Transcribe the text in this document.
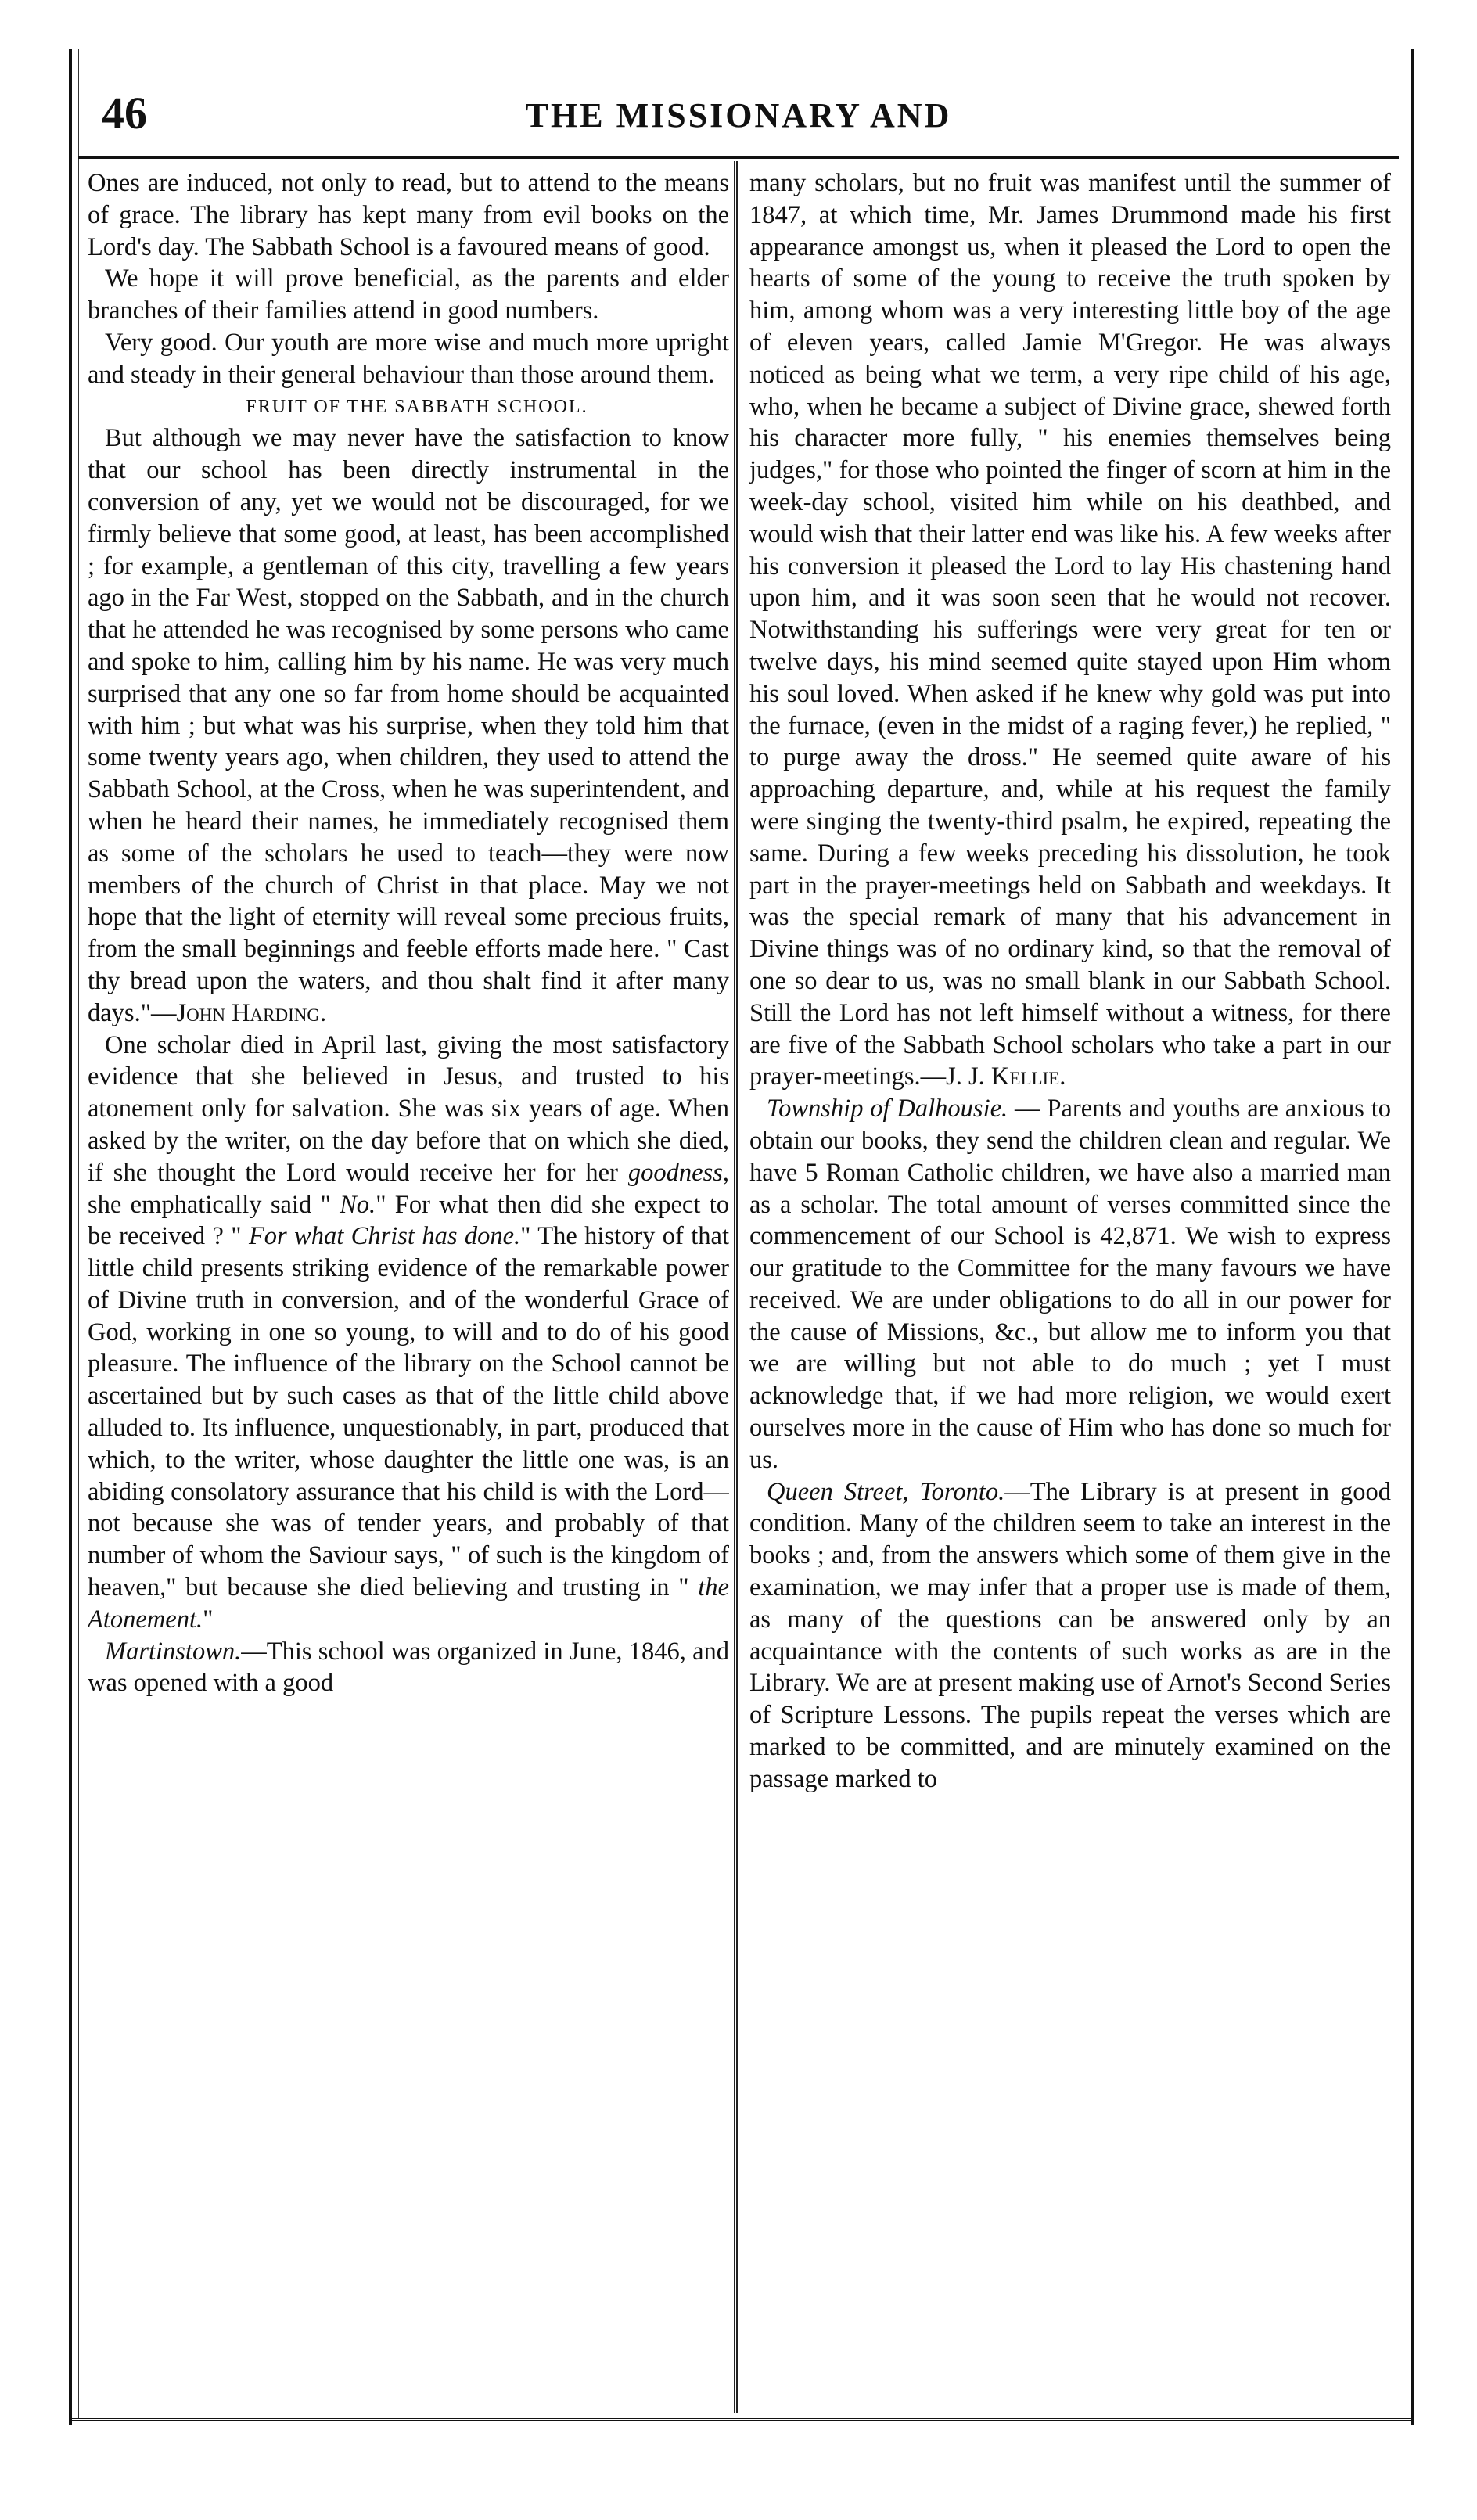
46	THE MISSIONARY AND

Ones are induced, not only to read, but to attend to the means of grace. The library has kept many from evil books on the Lord's day. The Sabbath School is a favoured means of good.

We hope it will prove beneficial, as the parents and elder branches of their families attend in good numbers.

Very good. Our youth are more wise and much more upright and steady in their general behaviour than those around them.

FRUIT OF THE SABBATH SCHOOL.

But although we may never have the satisfaction to know that our school has been directly instrumental in the conversion of any, yet we would not be discouraged, for we firmly believe that some good, at least, has been accomplished ; for example, a gentleman of this city, travelling a few years ago in the Far West, stopped on the Sabbath, and in the church that he attended he was recognised by some persons who came and spoke to him, calling him by his name. He was very much surprised that any one so far from home should be acquainted with him ; but what was his surprise, when they told him that some twenty years ago, when children, they used to attend the Sabbath School, at the Cross, when he was superintendent, and when he heard their names, he immediately recognised them as some of the scholars he used to teach—they were now members of the church of Christ in that place. May we not hope that the light of eternity will reveal some precious fruits, from the small beginnings and feeble efforts made here. " Cast thy bread upon the waters, and thou shalt find it after many days."—John Harding.

One scholar died in April last, giving the most satisfactory evidence that she believed in Jesus, and trusted to his atonement only for salvation. She was six years of age. When asked by the writer, on the day before that on which she died, if she thought the Lord would receive her for her goodness, she emphatically said " No." For what then did she expect to be received ? " For what Christ has done." The history of that little child presents striking evidence of the remarkable power of Divine truth in conversion, and of the wonderful Grace of God, working in one so young, to will and to do of his good pleasure. The influence of the library on the School cannot be ascertained but by such cases as that of the little child above alluded to. Its influence, unquestionably, in part, produced that which, to the writer, whose daughter the little one was, is an abiding consolatory assurance that his child is with the Lord—not because she was of tender years, and probably of that number of whom the Saviour says, " of such is the kingdom of heaven," but because she died believing and trusting in " the Atonement."

Martinstown.—This school was organized in June, 1846, and was opened with a good

many scholars, but no fruit was manifest until the summer of 1847, at which time, Mr. James Drummond made his first appearance amongst us, when it pleased the Lord to open the hearts of some of the young to receive the truth spoken by him, among whom was a very interesting little boy of the age of eleven years, called Jamie M'Gregor. He was always noticed as being what we term, a very ripe child of his age, who, when he became a subject of Divine grace, shewed forth his character more fully, " his enemies themselves being judges," for those who pointed the finger of scorn at him in the week-day school, visited him while on his deathbed, and would wish that their latter end was like his. A few weeks after his conversion it pleased the Lord to lay His chastening hand upon him, and it was soon seen that he would not recover. Notwithstanding his sufferings were very great for ten or twelve days, his mind seemed quite stayed upon Him whom his soul loved. When asked if he knew why gold was put into the furnace, (even in the midst of a raging fever,) he replied, " to purge away the dross." He seemed quite aware of his approaching departure, and, while at his request the family were singing the twenty-third psalm, he expired, repeating the same. During a few weeks preceding his dissolution, he took part in the prayer-meetings held on Sabbath and weekdays. It was the special remark of many that his advancement in Divine things was of no ordinary kind, so that the removal of one so dear to us, was no small blank in our Sabbath School. Still the Lord has not left himself without a witness, for there are five of the Sabbath School scholars who take a part in our prayer-meetings.—J. J. Kellie.

Township of Dalhousie. — Parents and youths are anxious to obtain our books, they send the children clean and regular. We have 5 Roman Catholic children, we have also a married man as a scholar. The total amount of verses committed since the commencement of our School is 42,871. We wish to express our gratitude to the Committee for the many favours we have received. We are under obligations to do all in our power for the cause of Missions, &c., but allow me to inform you that we are willing but not able to do much ; yet I must acknowledge that, if we had more religion, we would exert ourselves more in the cause of Him who has done so much for us.

Queen Street, Toronto.—The Library is at present in good condition. Many of the children seem to take an interest in the books ; and, from the answers which some of them give in the examination, we may infer that a proper use is made of them, as many of the questions can be answered only by an acquaintance with the contents of such works as are in the Library. We are at present making use of Arnot's Second Series of Scripture Lessons. The pupils repeat the verses which are marked to be committed, and are minutely examined on the passage marked to
